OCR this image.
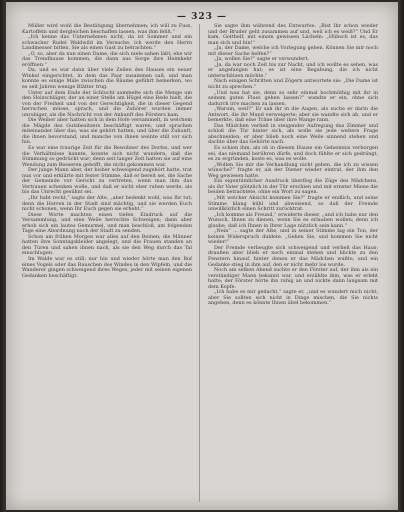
— 323 —

Müller wird wohl die Bestätigung übernehmen; ich will zu Fuss, Kartoffeln und dergleichen beschaffen lassen, was ihm fehlt.“

„Ich kenne das Unternehmen nicht, da ist Sommer und ein schwacher Rudel Waldwild im Versuche, ich werde den Herrn Landmesser bitten, Sie als einen Gast zu betrachten.“

„O, so, aber da nun einen Dame, die sich niele sahen läßt, ehe wir das Trendhause kommen, die dann aus Sorge ihre Heimkehr eröffnen.“

Da, und es war dann über viele Zeilen des Hauses ein neuer Winkel eingerichtet, in dem das Paar zusammen saß, und man konnte es einige Male zwischen die Bäume geführt bemerken, wo es seit Jahren wenige Blätter trug.

Unter auf dem Ende der Schlucht sammelte sich die Menge um den Holzschläger, der an einer Stelle am Hügel eine Rede hielt, die von der Freiheit und von der Gerechtigkeit, die in dieser Gegend herrschen müsse, sprach, und die Zuhörer wurden immer unruhiger, als die Nachricht von der Ankunft des Försters kam.

Die Weiber aber hatten sich in dem Hofe versammelt, in welchem die Mägde des Gutsbesitzers beschäftigt waren, und sprachen miteinander über das, was sie gehört hatten, und über die Zukunft, die ihnen bevorstand, und manche von ihnen weinte still vor sich hin.

Es war eine traurige Zeit für die Bewohner des Dorfes, und wer die Verhältnisse kannte, konnte sich nicht wundern, daß die Stimmung so gedrückt war; denn seit langer Zeit hatten sie auf eine Wendung zum Besseren gehofft, die nicht gekommen war.

Der junge Mann aber, der bisher schweigend zugehört hatte, trat nun vor und erklärte mit fester Stimme, daß er bereit sei, die Sache der Gemeinde vor Gericht zu vertreten, wenn man ihm das Vertrauen schenken wolle, und daß er nicht eher ruhen werde, als bis das Unrecht gesühnt sei.

„Ihr habt recht,“ sagte der Alte, „aber bedenkt wohl, was Ihr tut; denn die Herren in der Stadt sind mächtig, und sie werden Euch nicht schonen, wenn Ihr Euch gegen sie erhebt.“

Diese Worte machten einen tiefen Eindruck auf die Versammlung, und eine Weile herrschte Schweigen; dann aber erhob sich ein lautes Gemurmel, und man beschloß, am folgenden Tage eine Abordnung nach der Stadt zu senden.

Schon am frühen Morgen war alles auf den Beinen; die Männer hatten ihre Sonntagskleider angelegt, und die Frauen standen an den Türen und sahen ihnen nach, als sie den Weg durch das Tal einschlugen.

Im Walde war es still; nur hin und wieder hörte man den Ruf eines Vogels oder das Rauschen des Windes in den Wipfeln, und die Wanderer gingen schweigend ihres Weges, jeder mit seinen eigenen Gedanken beschäftigt.

Sie sagte ihm während des Entwurfes: „Bist Ihr schon wieder und der Bruder geht zusammen auf und, weil ich es weiß?“ Und Er kam, Gotthelf, mit einem gewissen Lächeln: „Hübsch ist es, das man sich und hin!“

„Ja, der Dame, welche ich Vorlegung geben. Können Sie mir noch mit dieser Sache helfen?“

„Ja, wollen Sie?“ sagte er verwundert.

„Ja, da war noch Zeit bis zur Nacht, und ich wollte es sehen, was er angefangen hat; es ist eine Begabung, die ich nicht unterschätzen möchte.“

Nach einigen Schritten und Zögern antwortete sie: „Die Dame ist nicht zu sprechen.“

„Und was hat sie, denn so sehr einmal hochmüthig mit ihr in seinem guten Fluss gehen lassen?“ wandte er ein, ohne sich dadurch irre machen zu lassen.

„Warum, weil?“ Er sah ihr in die Augen, als suche er darin die Antwort, die ihr Mund verweigerte; aber sie wandte sich ab, und er bemerkte, daß eine Träne über ihre Wange rann.

Das Mädchen verließ in steigender Aufregung das Zimmer und schloß die Tür hinter sich, als wolle sie jede weitere Frage abschneiden; er aber blieb noch eine Weile sinnend stehen und dachte über das Gehörte nach.

Es schien ihm, als ob in diesem Hause ein Geheimnis verborgen sei, das niemand berühren dürfe, und doch fühlte er sich gedrängt, es zu ergründen, koste es, was es wolle.

„Wollen Sie mir die Verhandlung nicht geben, die ich zu wissen wünsche?“ fragte er, als der Diener wieder eintrat, der ihm den Weg gewiesen hatte.

Ein eigentümlicher Ausdruck überflog die Züge des Mädchens, als ihr Vater plötzlich in der Tür erschien und mit ernster Miene die beiden betrachtete, ohne ein Wort zu sagen.

„Mit welcher Absicht kommen Sie?“ fragte er endlich, und seine Stimme klang kühl und abweisend, so daß der Fremde unwillkürlich einen Schritt zurücktrat.

„Ich komme als Freund,“ erwiderte dieser, „und ich habe nur den Wunsch, Ihnen zu dienen, wenn Sie es erlauben wollen; denn ich glaube, daß ich Ihnen in Ihrer Lage nützlich sein kann.“

„Nein“ ... sagte der Alte, und in seiner Stimme lag ein Ton, der keinen Widerspruch duldete. „Gehen Sie, und kommen Sie nicht wieder!“

Der Fremde verbeugte sich schweigend und verließ das Haus; draußen aber blieb er noch einmal stehen und blickte zu den Fenstern hinauf, hinter denen er das Mädchen wußte, und ein Gedanke stieg in ihm auf, den er nicht mehr los wurde.

Noch am selben Abend suchte er den Förster auf, der ihm als ein verständiger Mann bekannt war, und erzählte ihm, was er erlebt hatte; der Förster hörte ihn ruhig an und nickte dann langsam mit dem Kopfe.

„Ich habe es mir gedacht,“ sagte er, „und es wundert mich nicht; aber Sie sollten sich nicht in Dinge mischen, die Sie nichts angehen, denn es könnte Ihnen übel bekommen.“
